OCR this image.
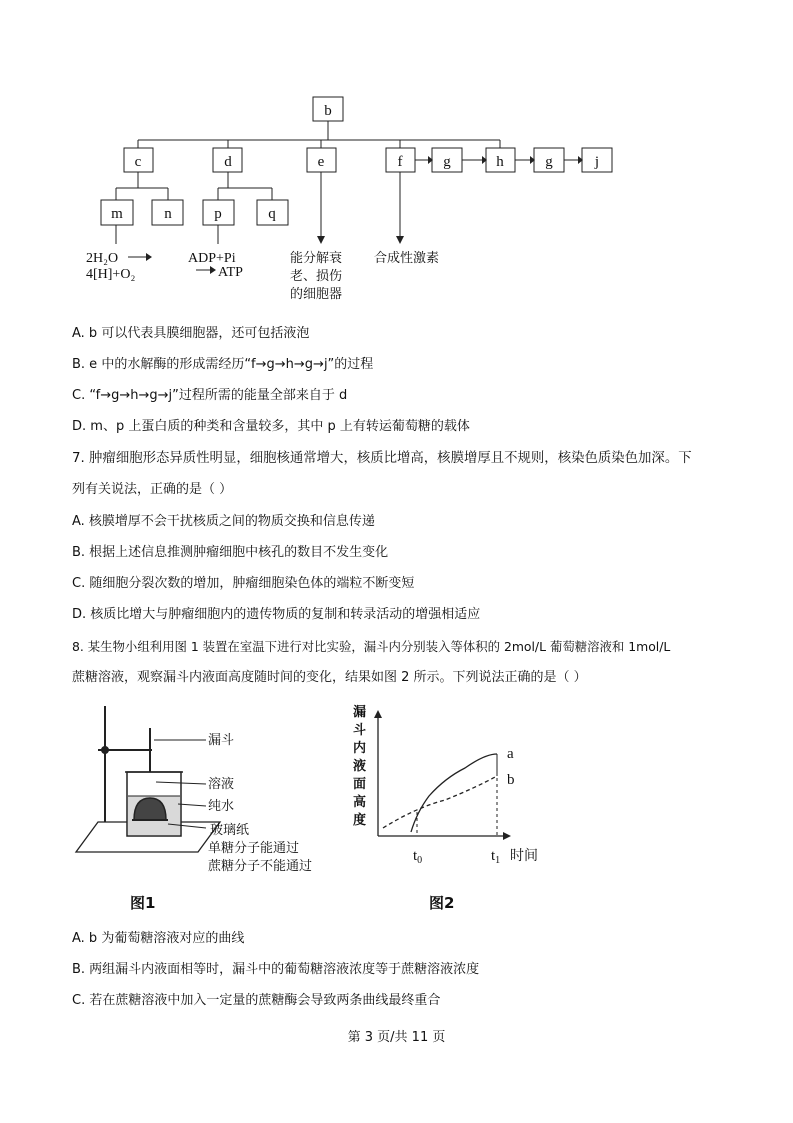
b
c	d	e	f	g	h	g	j
m	n	p	q
2H₂O
4[H]+O₂
ADP+Pi
ATP
能分解衰
老、损伤
的细胞器
合成性激素
A. b 可以代表具膜细胞器，还可包括液泡
B. e 中的水解酶的形成需经历“f→g→h→g→j”的过程
C. “f→g→h→g→j”过程所需的能量全部来自于 d
D. m、p 上蛋白质的种类和含量较多，其中 p 上有转运葡萄糖的载体
7. 肿瘤细胞形态异质性明显，细胞核通常增大，核质比增高，核膜增厚且不规则，核染色质染色加深。下
列有关说法，正确的是（ ）
A. 核膜增厚不会干扰核质之间的物质交换和信息传递
B. 根据上述信息推测肿瘤细胞中核孔的数目不发生变化
C. 随细胞分裂次数的增加，肿瘤细胞染色体的端粒不断变短
D. 核质比增大与肿瘤细胞内的遗传物质的复制和转录活动的增强相适应
8. 某生物小组利用图 1 装置在室温下进行对比实验，漏斗内分别装入等体积的 2mol/L 葡萄糖溶液和 1mol/L
蔗糖溶液，观察漏斗内液面高度随时间的变化，结果如图 2 所示。下列说法正确的是（ ）
漏斗
溶液
纯水
玻璃纸
单糖分子能通过
蔗糖分子不能通过
图1
漏
斗
内
液
面
高
度
a
b
$t_0$	$t_1$ 时间
图2
A. b 为葡萄糖溶液对应的曲线
B. 两组漏斗内液面相等时，漏斗中的葡萄糖溶液浓度等于蔗糖溶液浓度
C. 若在蔗糖溶液中加入一定量的蔗糖酶会导致两条曲线最终重合
第 3 页/共 11 页
